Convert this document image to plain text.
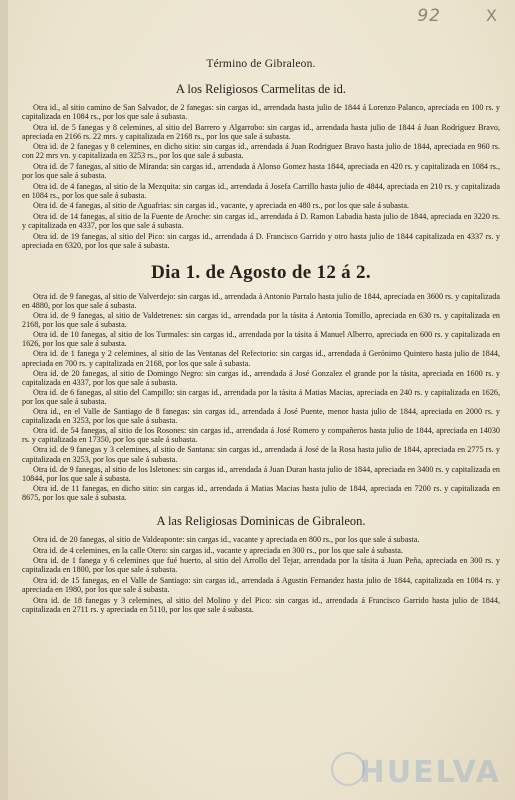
92	X
Término de Gibraleon.
A los Religiosos Carmelitas de id.

Otra id., al sitio camino de San Salvador, de 2 fanegas: sin cargas id., arrendada hasta julio de 1844 á Lorenzo Palanco, apreciada en 100 rs. y capitalizada en 1084 rs., por los que sale á subasta.

Otra id. de 5 fanegas y 8 celemines, al sitio del Barrero y Algarrobo: sin cargas id., arrendada hasta julio de 1844 á Juan Rodriguez Bravo, apreciada en 2166 rs. 22 mrs. y capitalizada en 2168 rs., por los que sale á subasta.

Otra id. de 2 fanegas y 8 celemines, en dicho sitio: sin cargas id., arrendada á Juan Rodriguez Bravo hasta julio de 1844, apreciada en 960 rs. con 22 mrs vn. y capitalizada en 3253 rs., por los que sale á subasta.

Otra id. de 7 fanegas, al sitio de Miranda: sin cargas id., arrendada á Alonso Gomez hasta 1844, apreciada en 420 rs. y capitalizada en 1084 rs., por los que sale á subasta.

Otra id. de 4 fanegas, al sitio de la Mezquita: sin cargas id., arrendada á Josefa Carrillo hasta julio de 4844, apreciada en 210 rs. y capitalizada en 1084 rs., por los que sale á subasta.

Otra id. de 4 fanegas, al sitio de Aguafrias: sin cargas id., vacante, y apreciada en 480 rs., por los que sale á subasta.

Otra id. de 14 fanegas, al sitio de la Fuente de Aroche: sin cargas id., arrendada á D. Ramon Labadia hasta julio de 1844, apreciada en 3220 rs. y capitalizada en 4337, por los que sale á subasta.

Otra id. de 19 fanegas, al sitio del Pico: sin cargas id., arrendada á D. Francisco Garrido y otro hasta julio de 1844 capitalizada en 4337 rs. y apreciada en 6320, por los que sale á subasta.

Dia 1. de Agosto de 12 á 2.

Otra id. de 9 fanegas, al sitio de Valverdejo: sin cargas id., arrendada á Antonio Parralo hasta julio de 1844, apreciada en 3600 rs. y capitalizada en 4880, por los que sale á subasta.

Otra id. de 9 fanegas, al sitio de Valdetrenes: sin cargas id., arrendada por la tásita á Antonia Tomillo, apreciada en 630 rs. y capitalizada en 2168, por los que sale á subasta.

Otra id. de 10 fanegas, al sitio de los Turmales: sin cargas id., arrendada por la tásita á Manuel Alberro, apreciada en 600 rs. y capitalizada en 1626, por los que sale á subasta.

Otra id. de 1 fanega y 2 celemines, al sitio de las Ventanas del Refectorio: sin cargas id., arrendada á Gerónimo Quintero hasta julio de 1844, apreciada en 700 rs. y capitalizada en 2168, por los que sale á subasta.

Otra id. de 20 fanegas, al sitio de Domingo Negro: sin cargas id., arrendada á José Gonzalez el grande por la tásita, apreciada en 1600 rs. y capitalizada en 4337, por los que sale á subasta.

Otra id. de 6 fanegas, al sitio del Campillo: sin cargas id., arrendada por la tásita á Matias Macias, apreciada en 240 rs. y capitalizada en 1626, por los que sale á subasta.

Otra id., en el Valle de Santiago de 8 fanegas: sin cargas id., arrendada á José Puente, menor hasta julio de 1844, apreciada en 2000 rs. y capitalizada en 3253, por los que sale á subasta.

Otra id. de 54 fanegas, al sitio de los Rosones: sin cargas id., arrendada á José Romero y compañeros hasta julio de 1844, apreciada en 14030 rs. y capitalizada en 17350, por los que sale á subasta.

Otra id. de 9 fanegas y 3 celemines, al sitio de Santana: sin cargas id., arrendada á José de la Rosa hasta julio de 1844, apreciada en 2775 rs. y capitalizada en 3253, por los que sale á subasta.

Otra id. de 9 fanegas, al sitio de los Isletones: sin cargas id., arrendada á Juan Duran hasta julio de 1844, apreciada en 3400 rs. y capitalizada en 10844, por los que sale á subasta.

Otra id. de 11 fanegas, en dicho sitio: sin cargas id., arrendada á Matias Macias hasta julio de 1844, apreciada en 7200 rs. y capitalizada en 8675, por los que sale á subasta.

A las Religiosas Dominicas de Gibraleon.

Otra id. de 20 fanegas, al sitio de Valdeaponte: sin cargas id., vacante y apreciada en 800 rs., por los que sale á subasta.

Otra id. de 4 celemines, en la calle Otero: sin cargas id., vacante y apreciada en 300 rs., por los que sale á subasta.

Otra id. de 1 fanega y 6 celemines que fué huerto, al sitio del Arrollo del Tejar, arrendada por la tásita á Juan Peña, apreciada en 300 rs. y capitalizada en 1800, por los que sale á subasta.

Otra id. de 15 fanegas, en el Valle de Santiago: sin cargas id., arrendada á Agustin Fernandez hasta julio de 1844, capitalizada en 1084 rs. y apreciada en 1980, por los que sale á subasta.

Otra id. de 18 fanegas y 3 celemines, al sitio del Molino y del Pico: sin cargas id., arrendada á Francisco Garrido hasta julio de 1844, capitalizada en 2711 rs. y apreciada en 5110, por los que sale á subasta.

HUELVA
